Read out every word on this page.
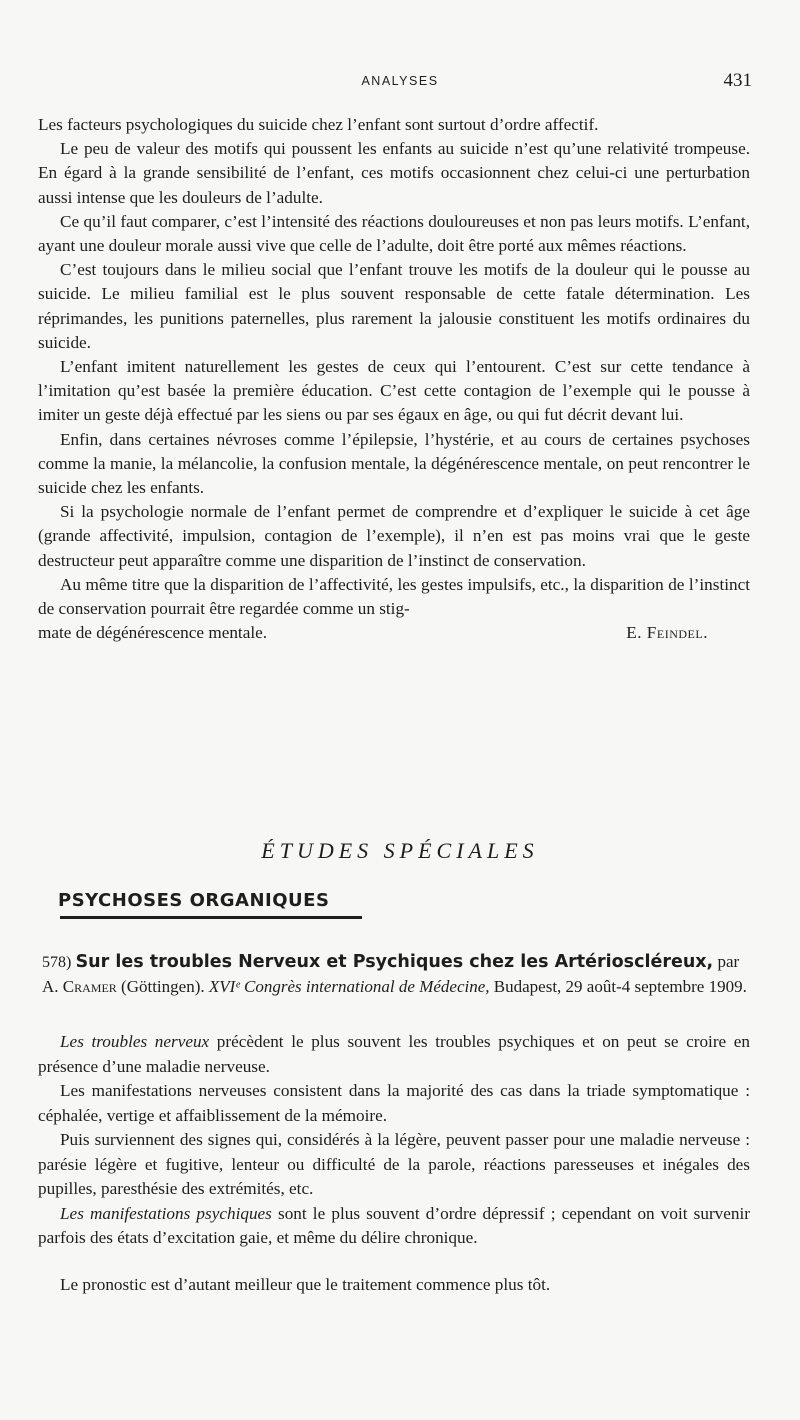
ANALYSES	431

Les facteurs psychologiques du suicide chez l’enfant sont surtout d’ordre affectif.

Le peu de valeur des motifs qui poussent les enfants au suicide n’est qu’une relativité trompeuse. En égard à la grande sensibilité de l’enfant, ces motifs occasionnent chez celui-ci une perturbation aussi intense que les douleurs de l’adulte.

Ce qu’il faut comparer, c’est l’intensité des réactions douloureuses et non pas leurs motifs. L’enfant, ayant une douleur morale aussi vive que celle de l’adulte, doit être porté aux mêmes réactions.

C’est toujours dans le milieu social que l’enfant trouve les motifs de la douleur qui le pousse au suicide. Le milieu familial est le plus souvent responsable de cette fatale détermination. Les réprimandes, les punitions paternelles, plus rarement la jalousie constituent les motifs ordinaires du suicide.

L’enfant imitent naturellement les gestes de ceux qui l’entourent. C’est sur cette tendance à l’imitation qu’est basée la première éducation. C’est cette contagion de l’exemple qui le pousse à imiter un geste déjà effectué par les siens ou par ses égaux en âge, ou qui fut décrit devant lui.

Enfin, dans certaines névroses comme l’épilepsie, l’hystérie, et au cours de certaines psychoses comme la manie, la mélancolie, la confusion mentale, la dégénérescence mentale, on peut rencontrer le suicide chez les enfants.

Si la psychologie normale de l’enfant permet de comprendre et d’expliquer le suicide à cet âge (grande affectivité, impulsion, contagion de l’exemple), il n’en est pas moins vrai que le geste destructeur peut apparaître comme une disparition de l’instinct de conservation.

Au même titre que la disparition de l’affectivité, les gestes impulsifs, etc., la disparition de l’instinct de conservation pourrait être regardée comme un stig-

mate de dégénérescence mentale.	E. Feindel.
ÉTUDES SPÉCIALES
PSYCHOSES ORGANIQUES
578) Sur les troubles Nerveux et Psychiques chez les Artérioscléreux, par A. Cramer (Göttingen). XVIᵉ Congrès international de Médecine, Budapest, 29 août-4 septembre 1909.

Les troubles nerveux précèdent le plus souvent les troubles psychiques et on peut se croire en présence d’une maladie nerveuse.

Les manifestations nerveuses consistent dans la majorité des cas dans la triade symptomatique : céphalée, vertige et affaiblissement de la mémoire.

Puis surviennent des signes qui, considérés à la légère, peuvent passer pour une maladie nerveuse : parésie légère et fugitive, lenteur ou difficulté de la parole, réactions paresseuses et inégales des pupilles, paresthésie des extrémités, etc.

Les manifestations psychiques sont le plus souvent d’ordre dépressif ; cependant on voit survenir parfois des états d’excitation gaie, et même du délire chronique.

Le pronostic est d’autant meilleur que le traitement commence plus tôt.
